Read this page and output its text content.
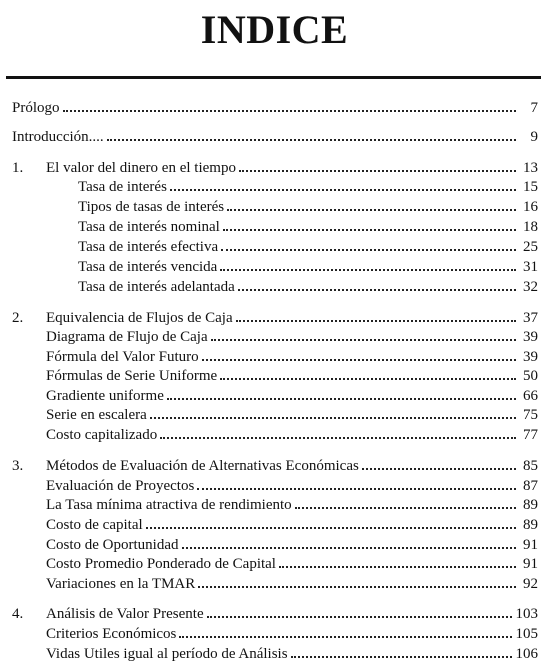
INDICE
Prólogo	7
Introducción....	9
1.	El valor del dinero en el tiempo	13
Tasa de interés	15
Tipos de tasas de interés	16
Tasa de interés nominal	18
Tasa de interés efectiva	25
Tasa de interés vencida	31
Tasa de interés adelantada	32
2.	Equivalencia de Flujos de Caja	37
Diagrama de Flujo de Caja	39
Fórmula del Valor Futuro	39
Fórmulas de Serie Uniforme	50
Gradiente uniforme	66
Serie en escalera	75
Costo capitalizado	77
3.	Métodos de Evaluación de Alternativas Económicas	85
Evaluación de Proyectos	87
La Tasa mínima atractiva de rendimiento	89
Costo de capital	89
Costo de Oportunidad	91
Costo Promedio Ponderado de Capital	91
Variaciones en la TMAR	92
4.	Análisis de Valor Presente	103
Criterios Económicos	105
Vidas Utiles igual al período de Análisis	106
